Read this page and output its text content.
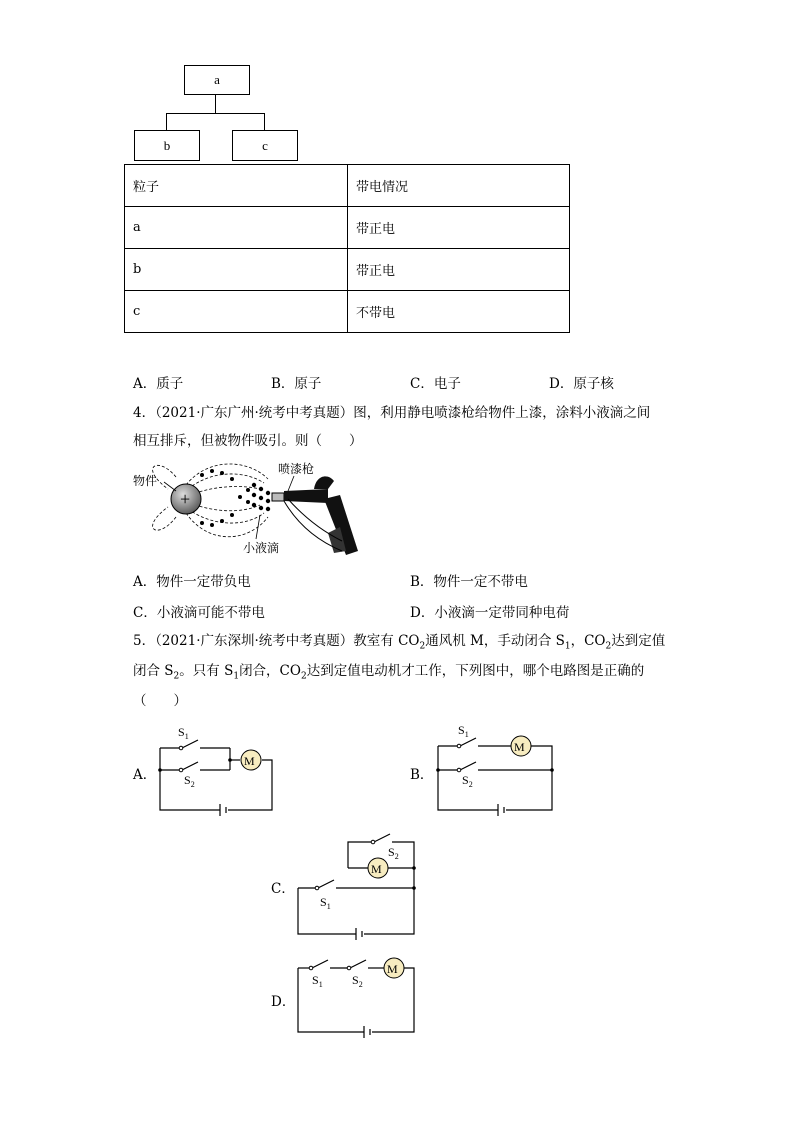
a
b	c
粒子	带电情况
a	带正电
b	带正电
c	不带电
A．质子	B．原子	C．电子	D．原子核
4．（2021·广东广州·统考中考真题）图，利用静电喷漆枪给物件上漆，涂料小液滴之间
相互排斥，但被物件吸引。则（　　）
+
物件
喷漆枪
小液滴
A．物件一定带负电	B．物件一定不带电
C．小液滴可能不带电	D．小液滴一定带同种电荷
5．（2021·广东深圳·统考中考真题）教室有 $CO_2$通风机 M，手动闭合 $S_1$，$CO_2$达到定值
闭合 $S_2$。只有 $S_1$闭合，$CO_2$达到定值电动机才工作，下列图中，哪个电路图是正确的
（　　）
A．
M
$S_1$
$S_2$
B．
M
$S_1$
$S_2$
C．
M
$S_2$
$S_1$
D．
M
$S_1$ $S_2$
